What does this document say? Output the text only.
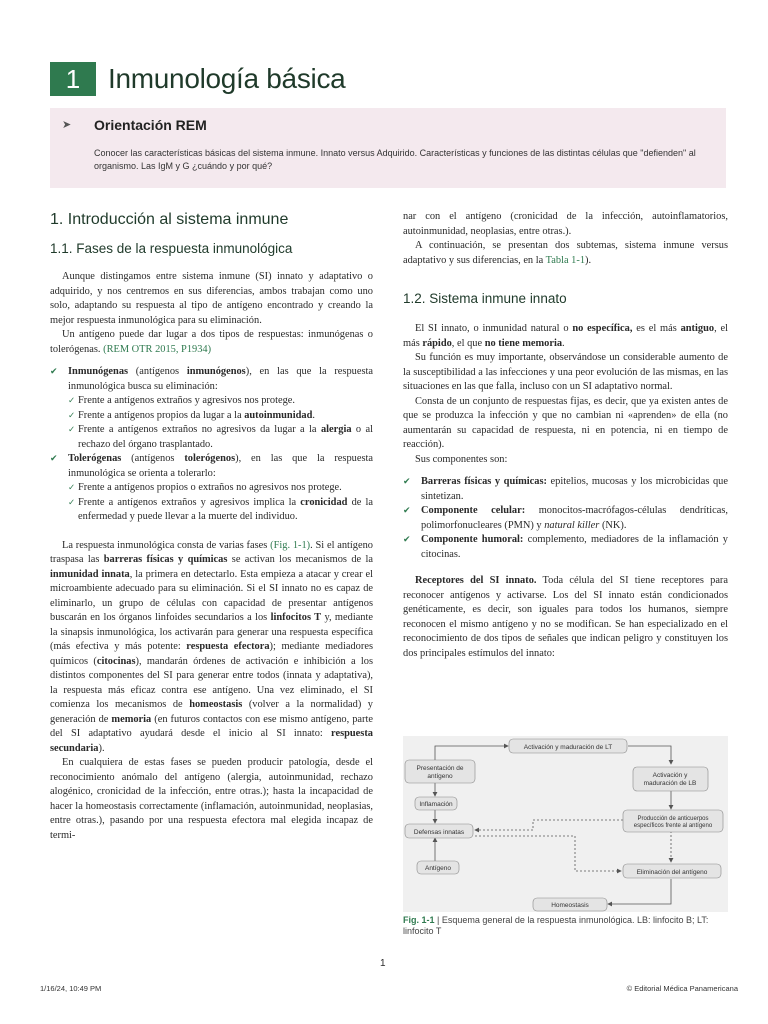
1 Inmunología básica
➤ Orientación REM
Conocer las características básicas del sistema inmune. Innato versus Adquirido. Características y funciones de las distintas células que "defienden" al organismo. Las IgM y G ¿cuándo y por qué?
1. Introducción al sistema inmune
1.1. Fases de la respuesta inmunológica

Aunque distingamos entre sistema inmune (SI) innato y adaptativo o adquirido, y nos centremos en sus diferencias, ambos trabajan como uno solo, adaptando su respuesta al tipo de antígeno encontrado y creando la mejor respuesta inmunológica para su eliminación.

Un antígeno puede dar lugar a dos tipos de respuestas: inmunógenas o tolerógenas. (REM OTR 2015, P1934)

✔ Inmunógenas (antígenos inmunógenos), en las que la respuesta inmunológica busca su eliminación:
✓ Frente a antígenos extraños y agresivos nos protege.
✓ Frente a antígenos propios da lugar a la autoinmunidad.
✓ Frente a antígenos extraños no agresivos da lugar a la alergia o al rechazo del órgano trasplantado.
✔ Tolerógenas (antígenos tolerógenos), en las que la respuesta inmunológica se orienta a tolerarlo:
✓ Frente a antígenos propios o extraños no agresivos nos protege.
✓ Frente a antígenos extraños y agresivos implica la cronicidad de la enfermedad y puede llevar a la muerte del individuo.

La respuesta inmunológica consta de varias fases (Fig. 1-1). Si el antígeno traspasa las barreras físicas y químicas se activan los mecanismos de la inmunidad innata, la primera en detectarlo. Esta empieza a atacar y crear el microambiente adecuado para su eliminación. Si el SI innato no es capaz de eliminarlo, un grupo de células con capacidad de presentar antígenos buscarán en los órganos linfoides secundarios a los linfocitos T y, mediante la sinapsis inmunológica, los activarán para generar una respuesta específica (más efectiva y más potente: respuesta efectora); mediante mediadores químicos (citocinas), mandarán órdenes de activación e inhibición a los distintos componentes del SI para generar entre todos (innata y adaptativa), la respuesta más eficaz contra ese antígeno. Una vez eliminado, el SI comienza los mecanismos de homeostasis (volver a la normalidad) y generación de memoria (en futuros contactos con ese mismo antígeno, parte del SI adaptativo ayudará desde el inicio al SI innato: respuesta secundaria).

En cualquiera de estas fases se pueden producir patología, desde el reconocimiento anómalo del antígeno (alergia, autoinmunidad, rechazo alogénico, cronicidad de la infección, entre otras.); hasta la incapacidad de hacer la homeostasis correctamente (inflamación, autoinmunidad, neoplasias, entre otras.), pasando por una respuesta efectora mal elegida incapaz de termi-

nar con el antígeno (cronicidad de la infección, autoinflamatorios, autoinmunidad, neoplasias, entre otras.).

A continuación, se presentan dos subtemas, sistema inmune versus adaptativo y sus diferencias, en la Tabla 1-1).

1.2. Sistema inmune innato

El SI innato, o inmunidad natural o no específica, es el más antiguo, el más rápido, el que no tiene memoria.

Su función es muy importante, observándose un considerable aumento de la susceptibilidad a las infecciones y una peor evolución de las mismas, en las situaciones en las que falla, incluso con un SI adaptativo normal.

Consta de un conjunto de respuestas fijas, es decir, que ya existen antes de que se produzca la infección y que no cambian ni «aprenden» de ella (no aumentarán su capacidad de respuesta, ni en potencia, ni en tiempo de reacción).

Sus componentes son:

✔ Barreras físicas y químicas: epitelios, mucosas y los microbicidas que sintetizan.
✔ Componente celular: monocitos-macrófagos-células dendríticas, polimorfonucleares (PMN) y natural killer (NK).
✔ Componente humoral: complemento, mediadores de la inflamación y citocinas.

Receptores del SI innato. Toda célula del SI tiene receptores para reconocer antígenos y activarse. Los del SI innato están condicionados genéticamente, es decir, son iguales para todos los humanos, siempre reconocen el mismo antígeno y no se modifican. Se han especializado en el reconocimiento de dos tipos de señales que indican peligro y constituyen los dos principales estímulos del innato:

Activación y maduración de LT
Presentación de
antígeno	Activación y
maduración de LB
Inflamación
Defensas innatas
Producción de anticuerpos
específicos frente al antígeno
Antígeno
Eliminación del antígeno
Homeostasis
Fig. 1-1 | Esquema general de la respuesta inmunológica. LB: linfocito B; LT: linfocito T
1
1/16/24, 10:49 PM	© Editorial Médica Panamericana
